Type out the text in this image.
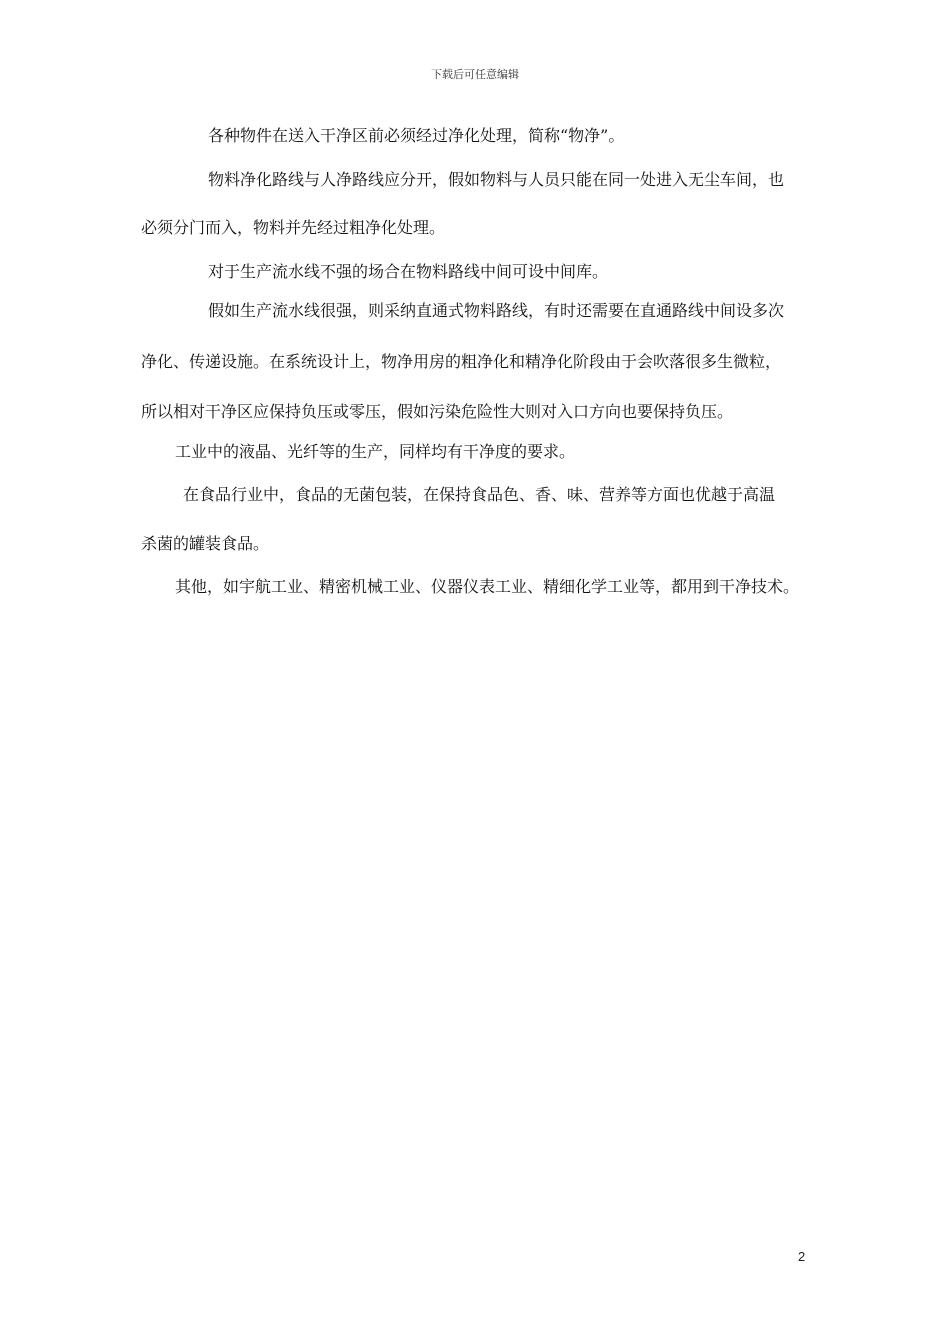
下载后可任意编辑
各种物件在送入干净区前必须经过净化处理，简称“物净”。
物料净化路线与人净路线应分开，假如物料与人员只能在同一处进入无尘车间，也
必须分门而入，物料并先经过粗净化处理。
对于生产流水线不强的场合在物料路线中间可设中间库。
假如生产流水线很强，则采纳直通式物料路线，有时还需要在直通路线中间设多次
净化、传递设施。在系统设计上，物净用房的粗净化和精净化阶段由于会吹落很多生微粒，
所以相对干净区应保持负压或零压，假如污染危险性大则对入口方向也要保持负压。
工业中的液晶、光纤等的生产，同样均有干净度的要求。
在食品行业中，食品的无菌包装，在保持食品色、香、味、营养等方面也优越于高温
杀菌的罐装食品。
其他，如宇航工业、精密机械工业、仪器仪表工业、精细化学工业等，都用到干净技术。
2
